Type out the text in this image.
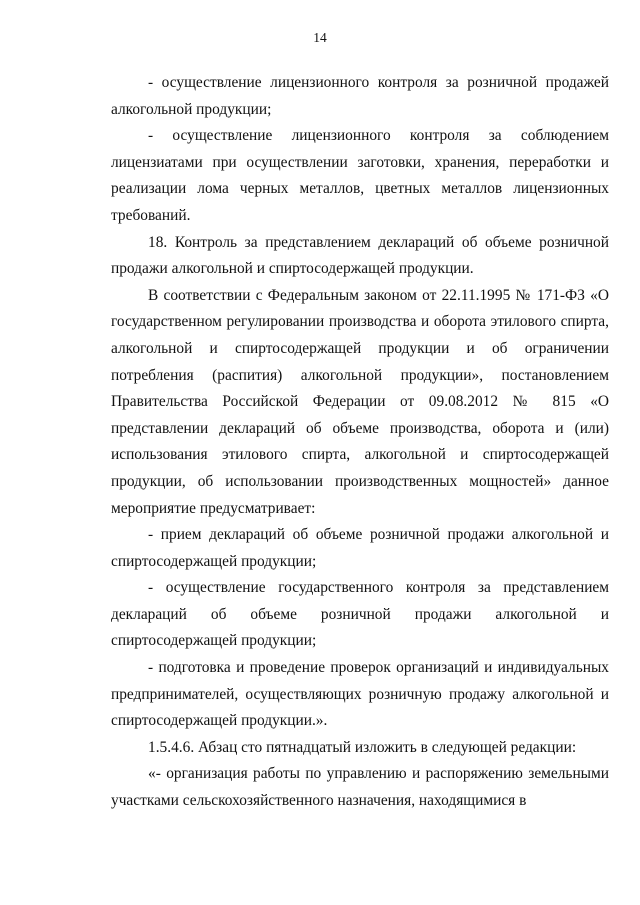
14

- осуществление лицензионного контроля за розничной продажей алкогольной продукции;

- осуществление лицензионного контроля за соблюдением лицензиатами при осуществлении заготовки, хранения, переработки и реализации лома черных металлов, цветных металлов лицензионных требований.

18. Контроль за представлением деклараций об объеме розничной продажи алкогольной и спиртосодержащей продукции.

В соответствии с Федеральным законом от 22.11.1995 № 171-ФЗ «О государственном регулировании производства и оборота этилового спирта, алкогольной и спиртосодержащей продукции и об ограничении потребления (распития) алкогольной продукции», постановлением Правительства Российской Федерации от 09.08.2012 № 815 «О представлении деклараций об объеме производства, оборота и (или) использования этилового спирта, алкогольной и спиртосодержащей продукции, об использовании производственных мощностей» данное мероприятие предусматривает:

- прием деклараций об объеме розничной продажи алкогольной и спиртосодержащей продукции;

- осуществление государственного контроля за представлением деклараций об объеме розничной продажи алкогольной и спиртосодержащей продукции;

- подготовка и проведение проверок организаций и индивидуальных предпринимателей, осуществляющих розничную продажу алкогольной и спиртосодержащей продукции.».

1.5.4.6. Абзац сто пятнадцатый изложить в следующей редакции:

«- организация работы по управлению и распоряжению земельными участками сельскохозяйственного назначения, находящимися в
